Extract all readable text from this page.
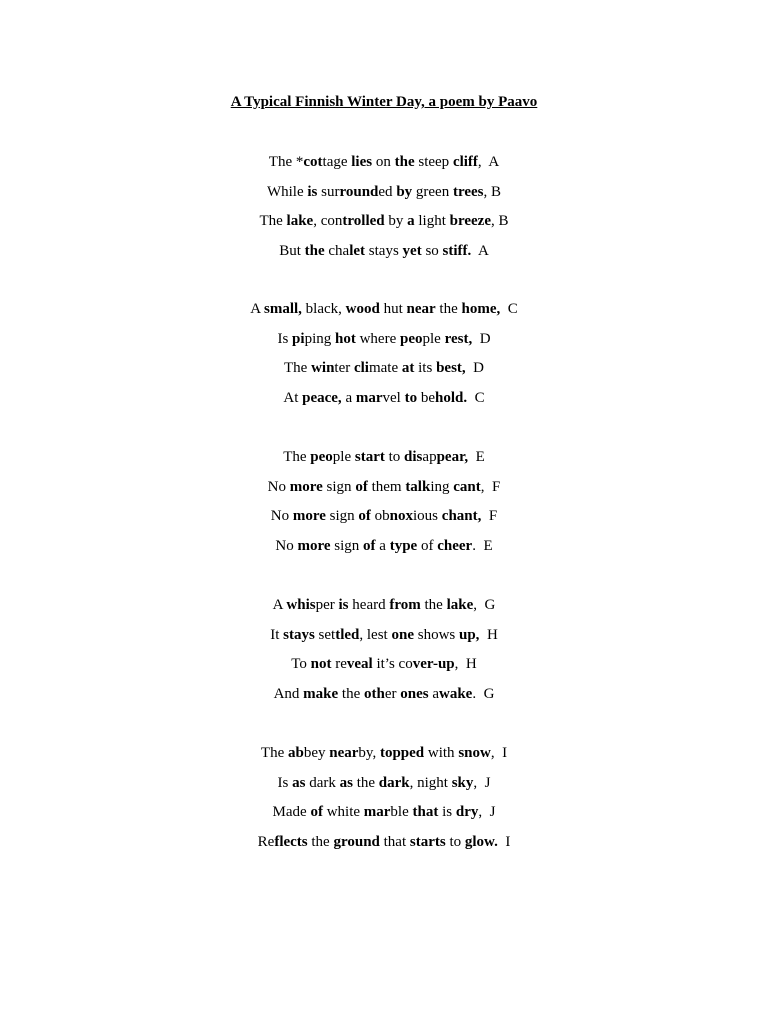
A Typical Finnish Winter Day, a poem by Paavo
The *cottage lies on the steep cliff,  A
While is surrounded by green trees, B
The lake, controlled by a light breeze, B
But the chalet stays yet so stiff.  A
A small, black, wood hut near the home,  C
Is piping hot where people rest,  D
The winter climate at its best,  D
At peace, a marvel to behold.  C
The people start to disappear,  E
No more sign of them talking cant,  F
No more sign of obnoxious chant,  F
No more sign of a type of cheer.  E
A whisper is heard from the lake,  G
It stays settled, lest one shows up,  H
To not reveal it’s cover-up,  H
And make the other ones awake.  G
The abbey nearby, topped with snow,  I
Is as dark as the dark, night sky,  J
Made of white marble that is dry,  J
Reflects the ground that starts to glow.  I
